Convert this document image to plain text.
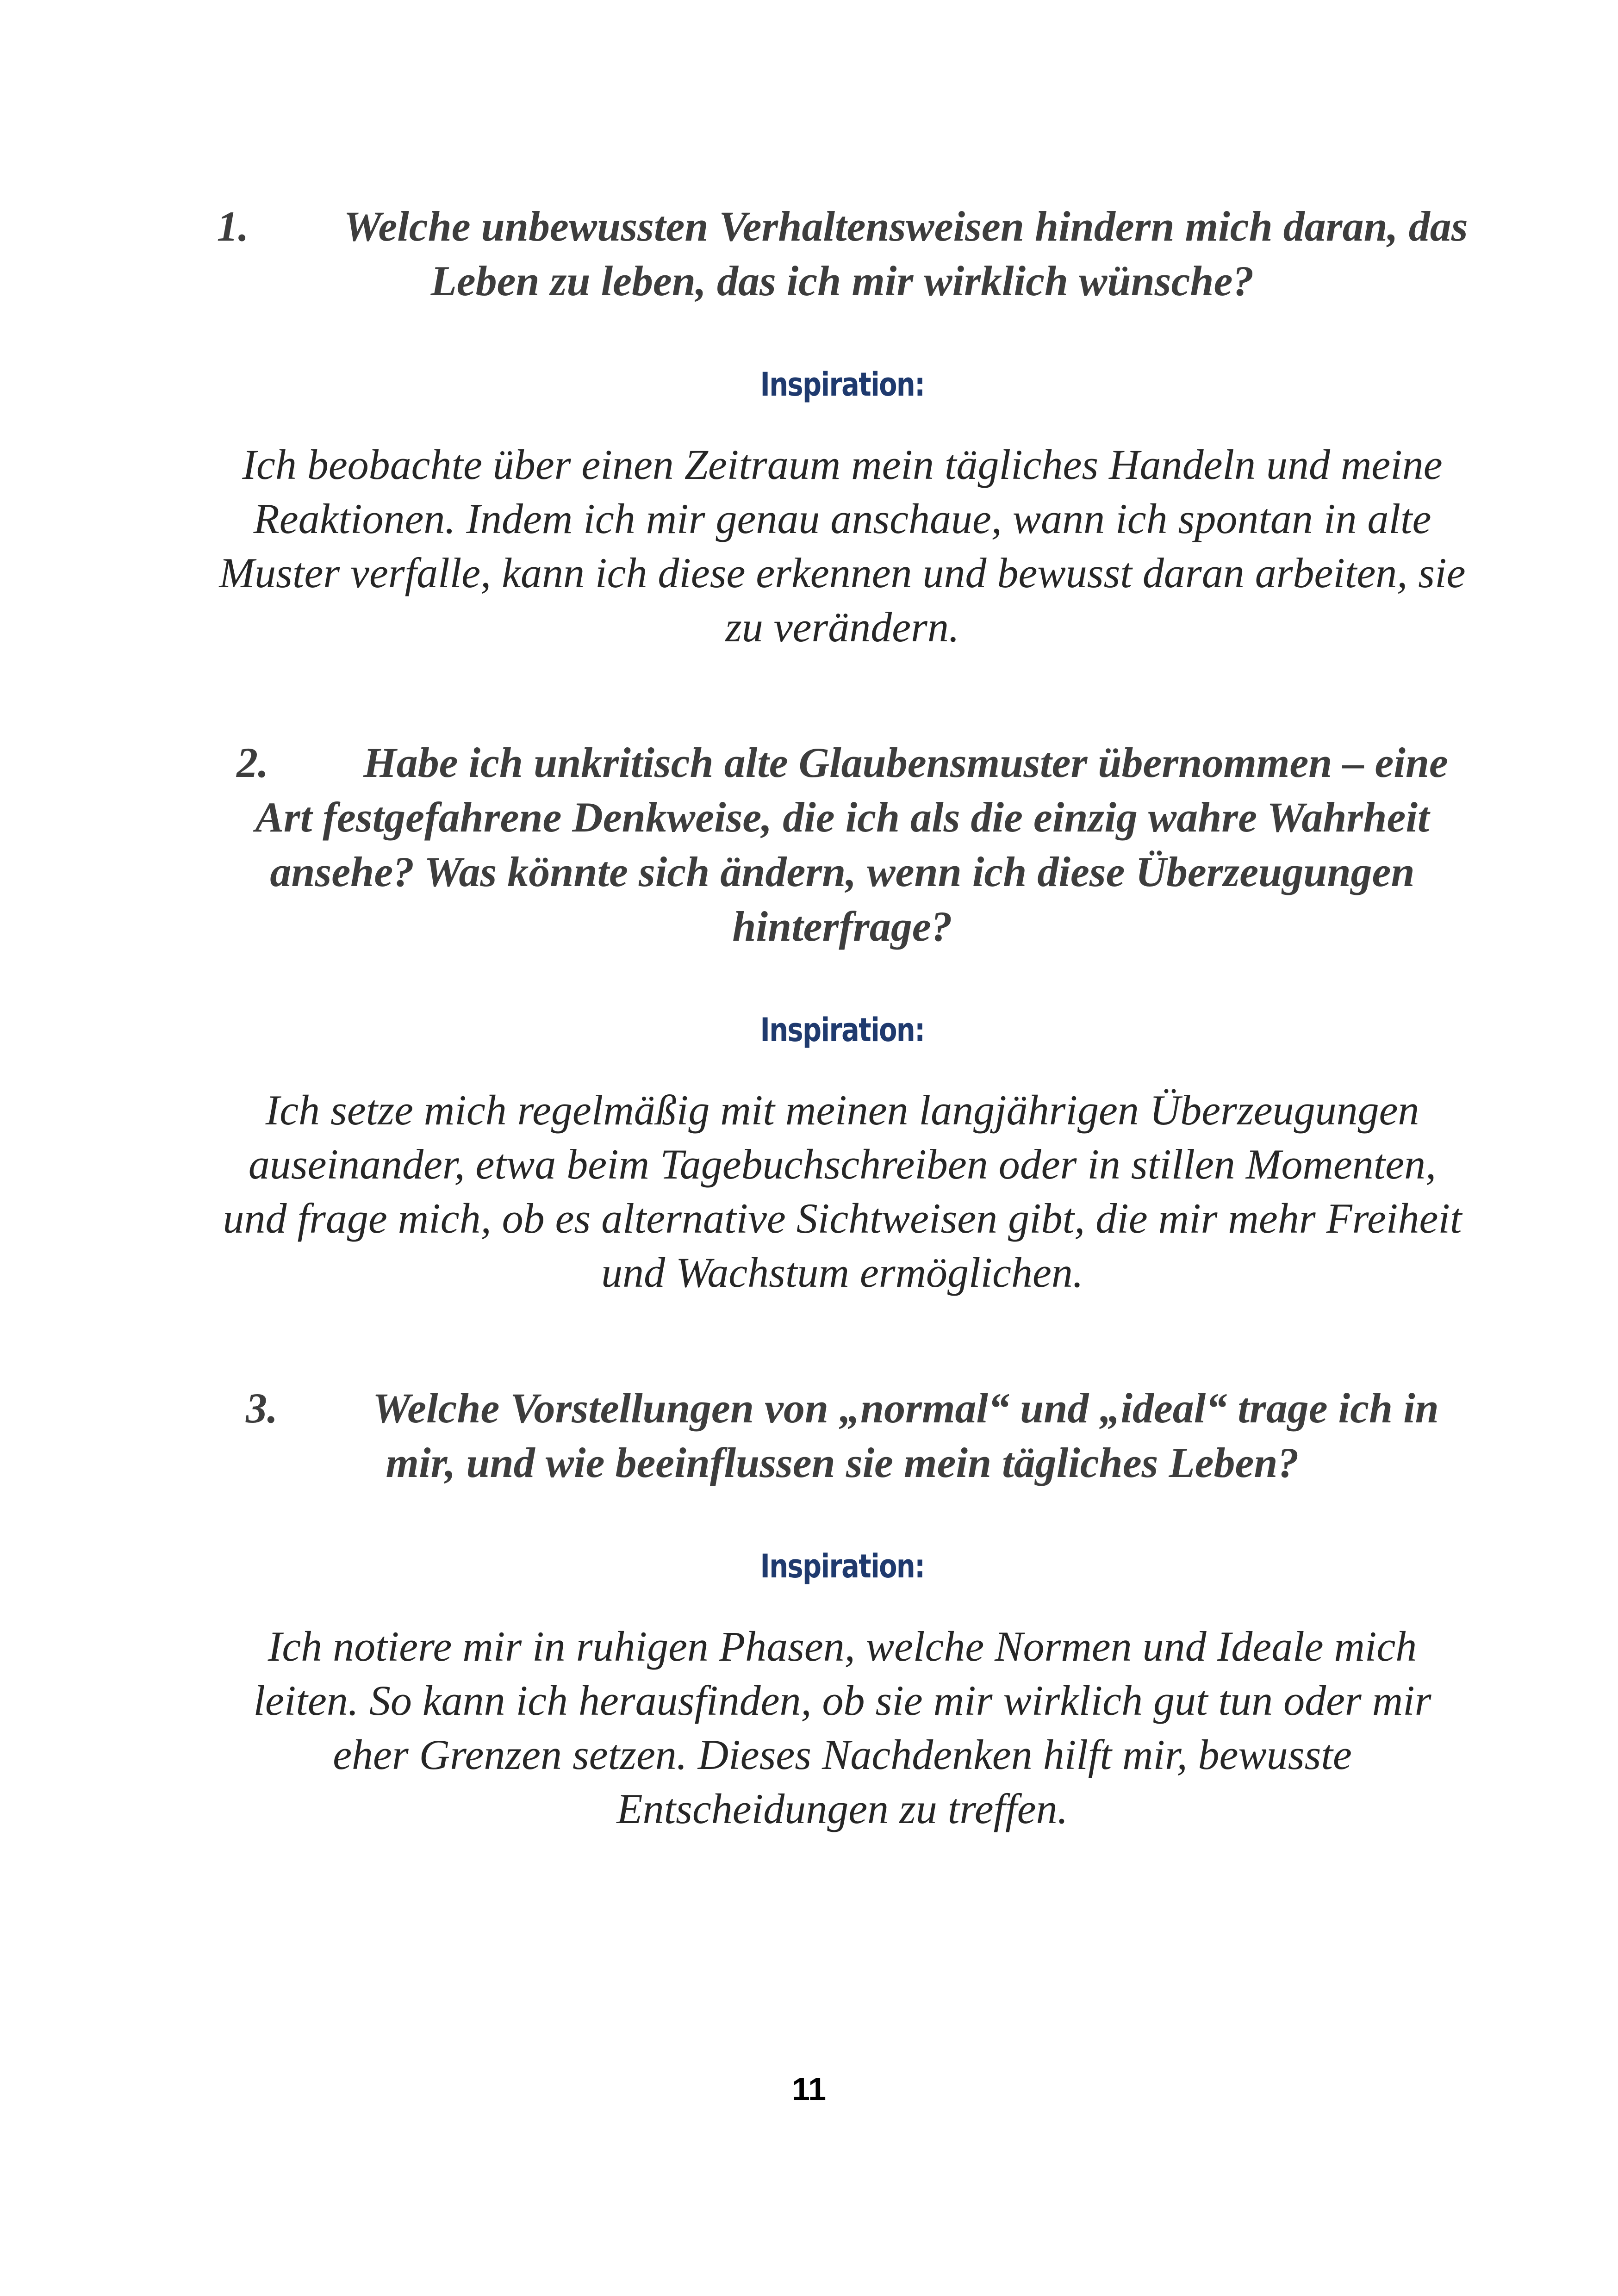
1. Welche unbewussten Verhaltensweisen hindern mich daran, das Leben zu leben, das ich mir wirklich wünsche?

Inspiration:

Ich beobachte über einen Zeitraum mein tägliches Handeln und meine Reaktionen. Indem ich mir genau anschaue, wann ich spontan in alte Muster verfalle, kann ich diese erkennen und bewusst daran arbeiten, sie zu verändern.

2. Habe ich unkritisch alte Glaubensmuster übernommen – eine Art festgefahrene Denkweise, die ich als die einzig wahre Wahrheit ansehe? Was könnte sich ändern, wenn ich diese Überzeugungen hinterfrage?

Inspiration:

Ich setze mich regelmäßig mit meinen langjährigen Überzeugungen auseinander, etwa beim Tagebuchschreiben oder in stillen Momenten, und frage mich, ob es alternative Sichtweisen gibt, die mir mehr Freiheit und Wachstum ermöglichen.

3. Welche Vorstellungen von „normal“ und „ideal“ trage ich in mir, und wie beeinflussen sie mein tägliches Leben?

Inspiration:

Ich notiere mir in ruhigen Phasen, welche Normen und Ideale mich leiten. So kann ich herausfinden, ob sie mir wirklich gut tun oder mir eher Grenzen setzen. Dieses Nachdenken hilft mir, bewusste Entscheidungen zu treffen.

11
